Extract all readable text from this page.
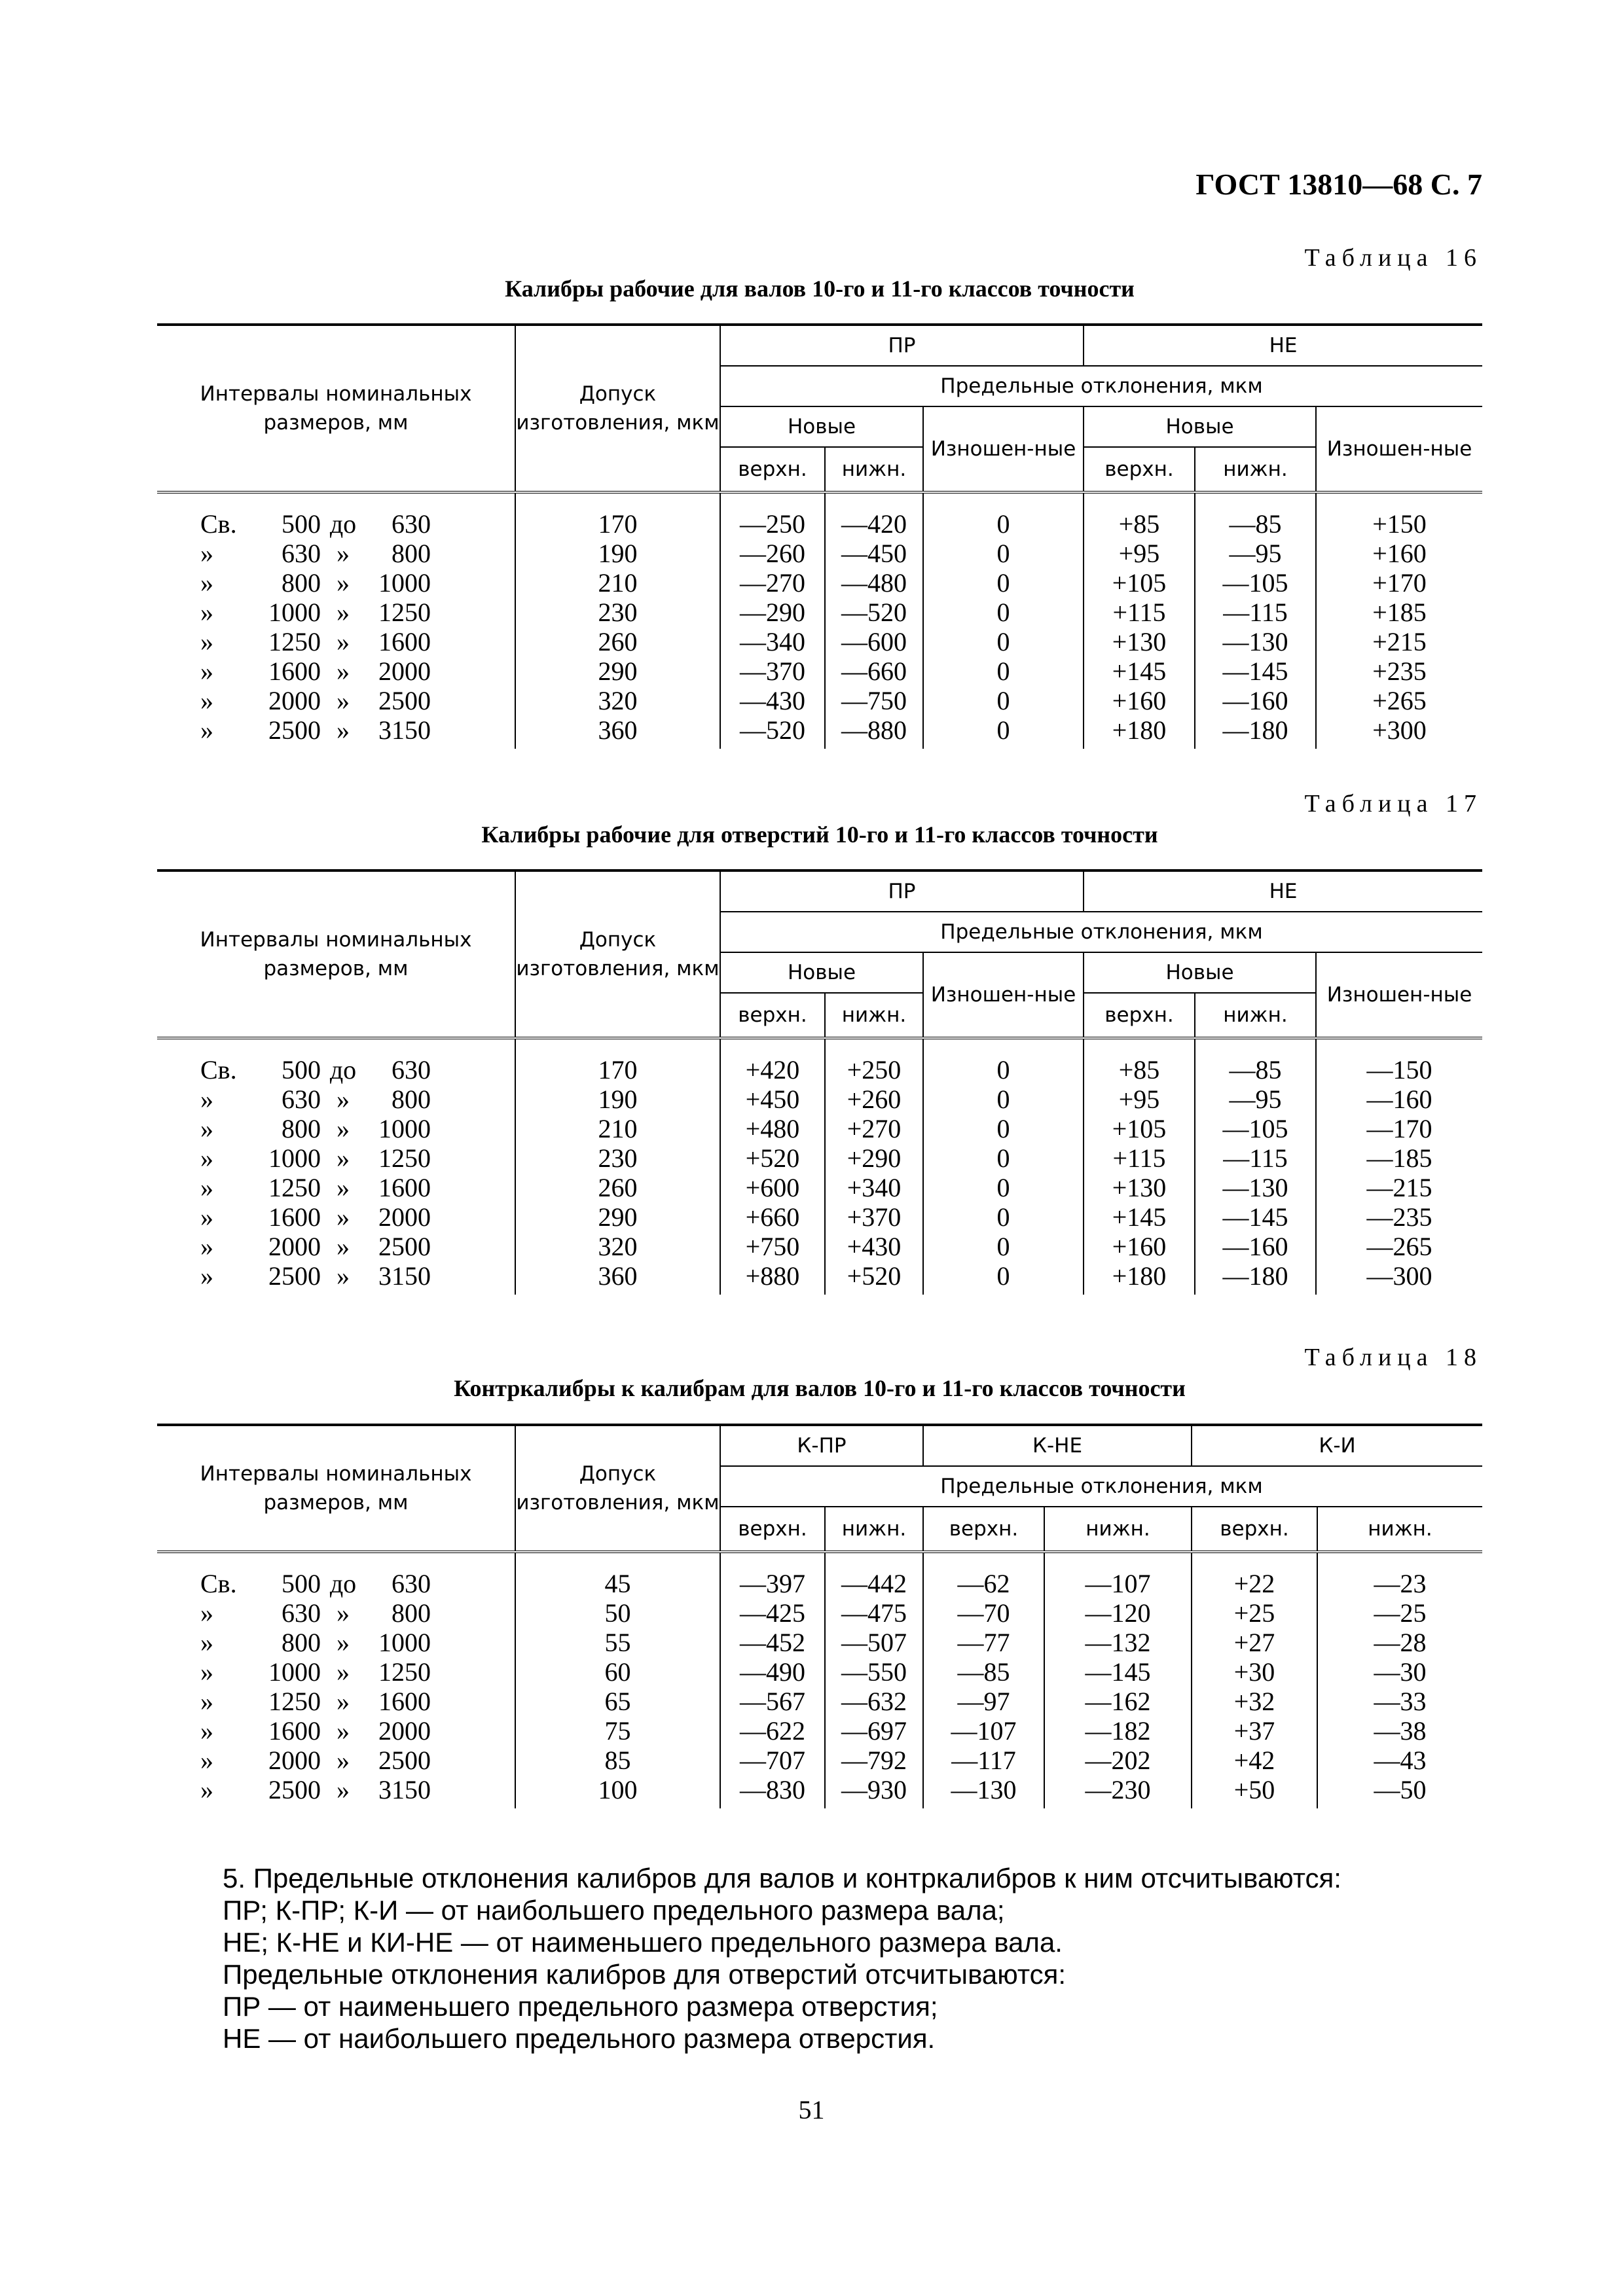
ГОСТ 13810—68 С. 7
Таблица 16
Калибры рабочие для валов 10-го и 11-го классов точности
Интервалы номинальных размеров, мм	Допуск изготовления, мкм	ПР			НЕ		
		Предельные отклонения, мкм					
		Новые		Изношен-ные	Новые		Изношен-ные
		верхн.	нижн.		верхн.	нижн.	

Св. 500 до 630	170	—250	—420	0	+85	—85	+150
» 630 » 800	190	—260	—450	0	+95	—95	+160
» 800 » 1000	210	—270	—480	0	+105	—105	+170
» 1000 » 1250	230	—290	—520	0	+115	—115	+185
» 1250 » 1600	260	—340	—600	0	+130	—130	+215
» 1600 » 2000	290	—370	—660	0	+145	—145	+235
» 2000 » 2500	320	—430	—750	0	+160	—160	+265
» 2500 » 3150	360	—520	—880	0	+180	—180	+300

Таблица 17
Калибры рабочие для отверстий 10-го и 11-го классов точности
Интервалы номинальных размеров, мм	Допуск изготовления, мкм	ПР			НЕ		
		Предельные отклонения, мкм					
		Новые		Изношен-ные	Новые		Изношен-ные
		верхн.	нижн.		верхн.	нижн.	

Св. 500 до 630	170	+420	+250	0	+85	—85	—150
» 630 » 800	190	+450	+260	0	+95	—95	—160
» 800 » 1000	210	+480	+270	0	+105	—105	—170
» 1000 » 1250	230	+520	+290	0	+115	—115	—185
» 1250 » 1600	260	+600	+340	0	+130	—130	—215
» 1600 » 2000	290	+660	+370	0	+145	—145	—235
» 2000 » 2500	320	+750	+430	0	+160	—160	—265
» 2500 » 3150	360	+880	+520	0	+180	—180	—300

Таблица 18
Контркалибры к калибрам для валов 10-го и 11-го классов точности
Интервалы номинальных размеров, мм	Допуск изготовления, мкм	К-ПР		К-НЕ		К-И	
		Предельные отклонения, мкм					
		верхн.	нижн.	верхн.	нижн.	верхн.	нижн.

Св. 500 до 630	45	—397	—442	—62	—107	+22	—23
» 630 » 800	50	—425	—475	—70	—120	+25	—25
» 800 » 1000	55	—452	—507	—77	—132	+27	—28
» 1000 » 1250	60	—490	—550	—85	—145	+30	—30
» 1250 » 1600	65	—567	—632	—97	—162	+32	—33
» 1600 » 2000	75	—622	—697	—107	—182	+37	—38
» 2000 » 2500	85	—707	—792	—117	—202	+42	—43
» 2500 » 3150	100	—830	—930	—130	—230	+50	—50

5. Предельные отклонения калибров для валов и контркалибров к ним отсчитываются:

ПР; К-ПР; К-И — от наибольшего предельного размера вала;

НЕ; К-НЕ и КИ-НЕ — от наименьшего предельного размера вала.

Предельные отклонения калибров для отверстий отсчитываются:

ПР — от наименьшего предельного размера отверстия;

НЕ — от наибольшего предельного размера отверстия.

51
